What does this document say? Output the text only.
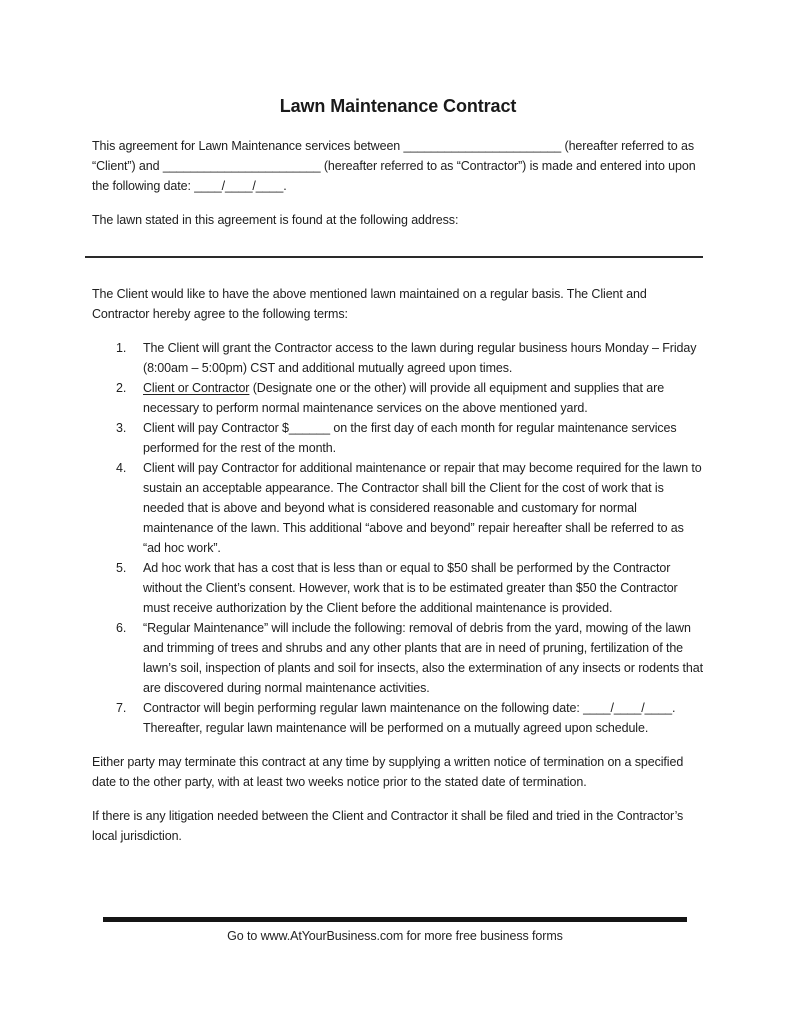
Lawn Maintenance Contract

This agreement for Lawn Maintenance services between _______________________ (hereafter referred to as “Client”) and _______________________ (hereafter referred to as “Contractor”) is made and entered into upon the following date: ____/____/____.

The lawn stated in this agreement is found at the following address:

The Client would like to have the above mentioned lawn maintained on a regular basis. The Client and Contractor hereby agree to the following terms:

1.	The Client will grant the Contractor access to the lawn during regular business hours Monday – Friday (8:00am – 5:00pm) CST and additional mutually agreed upon times.
2.	Client or Contractor (Designate one or the other) will provide all equipment and supplies that are necessary to perform normal maintenance services on the above mentioned yard.
3.	Client will pay Contractor $______ on the first day of each month for regular maintenance services performed for the rest of the month.
4.	Client will pay Contractor for additional maintenance or repair that may become required for the lawn to sustain an acceptable appearance. The Contractor shall bill the Client for the cost of work that is needed that is above and beyond what is considered reasonable and customary for normal maintenance of the lawn. This additional “above and beyond” repair hereafter shall be referred to as “ad hoc work”.
5.	Ad hoc work that has a cost that is less than or equal to $50 shall be performed by the Contractor without the Client’s consent. However, work that is to be estimated greater than $50 the Contractor must receive authorization by the Client before the additional maintenance is provided.
6.	“Regular Maintenance” will include the following: removal of debris from the yard, mowing of the lawn and trimming of trees and shrubs and any other plants that are in need of pruning, fertilization of the lawn’s soil, inspection of plants and soil for insects, also the extermination of any insects or rodents that are discovered during normal maintenance activities.
7.	Contractor will begin performing regular lawn maintenance on the following date: ____/____/____. Thereafter, regular lawn maintenance will be performed on a mutually agreed upon schedule.

Either party may terminate this contract at any time by supplying a written notice of termination on a specified date to the other party, with at least two weeks notice prior to the stated date of termination.

If there is any litigation needed between the Client and Contractor it shall be filed and tried in the Contractor’s local jurisdiction.

Go to www.AtYourBusiness.com for more free business forms
